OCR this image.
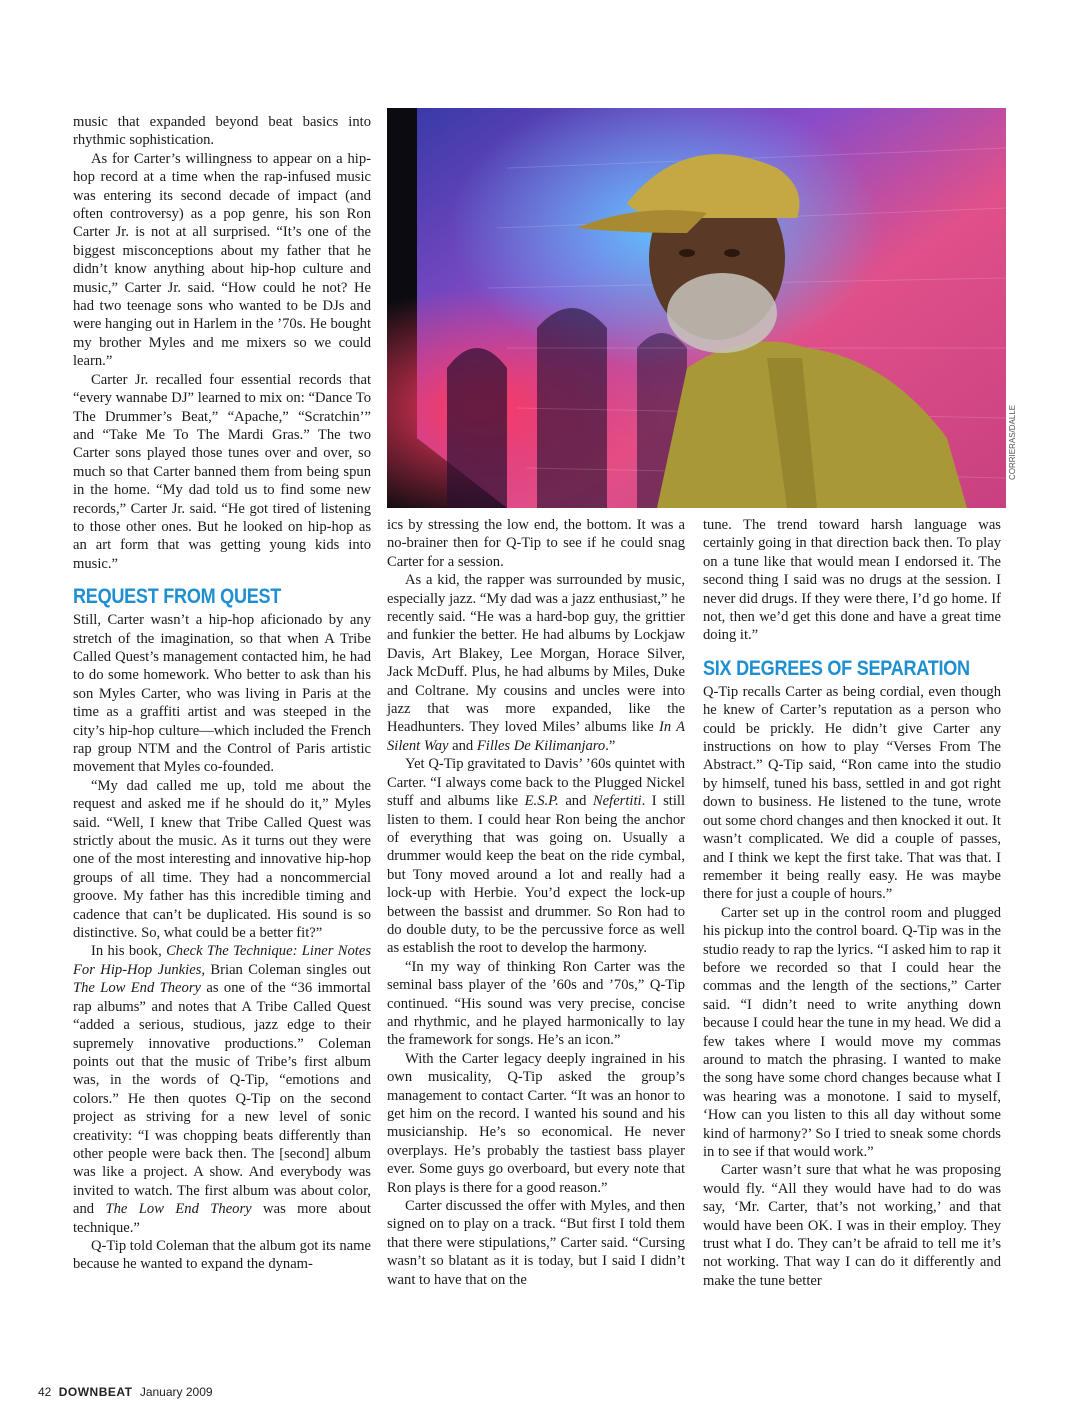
CORRIERAS/DALLE

music that expanded beyond beat basics into rhythmic sophistication.

As for Carter’s willingness to appear on a hip-hop record at a time when the rap-infused music was entering its second decade of impact (and often controversy) as a pop genre, his son Ron Carter Jr. is not at all surprised. “It’s one of the biggest misconceptions about my father that he didn’t know anything about hip-hop culture and music,” Carter Jr. said. “How could he not? He had two teenage sons who wanted to be DJs and were hanging out in Harlem in the ’70s. He bought my brother Myles and me mixers so we could learn.”

Carter Jr. recalled four essential records that “every wannabe DJ” learned to mix on: “Dance To The Drummer’s Beat,” “Apache,” “Scratchin’” and “Take Me To The Mardi Gras.” The two Carter sons played those tunes over and over, so much so that Carter banned them from being spun in the home. “My dad told us to find some new records,” Carter Jr. said. “He got tired of listening to those other ones. But he looked on hip-hop as an art form that was getting young kids into music.”

REQUEST FROM QUEST

Still, Carter wasn’t a hip-hop aficionado by any stretch of the imagination, so that when A Tribe Called Quest’s management contacted him, he had to do some homework. Who better to ask than his son Myles Carter, who was living in Paris at the time as a graffiti artist and was steeped in the city’s hip-hop culture—which included the French rap group NTM and the Control of Paris artistic movement that Myles co-founded.

“My dad called me up, told me about the request and asked me if he should do it,” Myles said. “Well, I knew that Tribe Called Quest was strictly about the music. As it turns out they were one of the most interesting and innovative hip-hop groups of all time. They had a noncommercial groove. My father has this incredible timing and cadence that can’t be duplicated. His sound is so distinctive. So, what could be a better fit?”

In his book, Check The Technique: Liner Notes For Hip-Hop Junkies, Brian Coleman singles out The Low End Theory as one of the “36 immortal rap albums” and notes that A Tribe Called Quest “added a serious, studious, jazz edge to their supremely innovative productions.” Coleman points out that the music of Tribe’s first album was, in the words of Q-Tip, “emotions and colors.” He then quotes Q-Tip on the second project as striving for a new level of sonic creativity: “I was chopping beats differently than other people were back then. The [second] album was like a project. A show. And everybody was invited to watch. The first album was about color, and The Low End Theory was more about technique.”

Q-Tip told Coleman that the album got its name because he wanted to expand the dynam-

ics by stressing the low end, the bottom. It was a no-brainer then for Q-Tip to see if he could snag Carter for a session.

As a kid, the rapper was surrounded by music, especially jazz. “My dad was a jazz enthusiast,” he recently said. “He was a hard-bop guy, the grittier and funkier the better. He had albums by Lockjaw Davis, Art Blakey, Lee Morgan, Horace Silver, Jack McDuff. Plus, he had albums by Miles, Duke and Coltrane. My cousins and uncles were into jazz that was more expanded, like the Headhunters. They loved Miles’ albums like In A Silent Way and Filles De Kilimanjaro.”

Yet Q-Tip gravitated to Davis’ ’60s quintet with Carter. “I always come back to the Plugged Nickel stuff and albums like E.S.P. and Nefertiti. I still listen to them. I could hear Ron being the anchor of everything that was going on. Usually a drummer would keep the beat on the ride cymbal, but Tony moved around a lot and really had a lock-up with Herbie. You’d expect the lock-up between the bassist and drummer. So Ron had to do double duty, to be the percussive force as well as establish the root to develop the harmony.

“In my way of thinking Ron Carter was the seminal bass player of the ’60s and ’70s,” Q-Tip continued. “His sound was very precise, concise and rhythmic, and he played harmonically to lay the framework for songs. He’s an icon.”

With the Carter legacy deeply ingrained in his own musicality, Q-Tip asked the group’s management to contact Carter. “It was an honor to get him on the record. I wanted his sound and his musicianship. He’s so economical. He never overplays. He’s probably the tastiest bass player ever. Some guys go overboard, but every note that Ron plays is there for a good reason.”

Carter discussed the offer with Myles, and then signed on to play on a track. “But first I told them that there were stipulations,” Carter said. “Cursing wasn’t so blatant as it is today, but I said I didn’t want to have that on the

tune. The trend toward harsh language was certainly going in that direction back then. To play on a tune like that would mean I endorsed it. The second thing I said was no drugs at the session. I never did drugs. If they were there, I’d go home. If not, then we’d get this done and have a great time doing it.”

SIX DEGREES OF SEPARATION

Q-Tip recalls Carter as being cordial, even though he knew of Carter’s reputation as a person who could be prickly. He didn’t give Carter any instructions on how to play “Verses From The Abstract.” Q-Tip said, “Ron came into the studio by himself, tuned his bass, settled in and got right down to business. He listened to the tune, wrote out some chord changes and then knocked it out. It wasn’t complicated. We did a couple of passes, and I think we kept the first take. That was that. I remember it being really easy. He was maybe there for just a couple of hours.”

Carter set up in the control room and plugged his pickup into the control board. Q-Tip was in the studio ready to rap the lyrics. “I asked him to rap it before we recorded so that I could hear the commas and the length of the sections,” Carter said. “I didn’t need to write anything down because I could hear the tune in my head. We did a few takes where I would move my commas around to match the phrasing. I wanted to make the song have some chord changes because what I was hearing was a monotone. I said to myself, ‘How can you listen to this all day without some kind of harmony?’ So I tried to sneak some chords in to see if that would work.”

Carter wasn’t sure that what he was proposing would fly. “All they would have had to do was say, ‘Mr. Carter, that’s not working,’ and that would have been OK. I was in their employ. They trust what I do. They can’t be afraid to tell me it’s not working. That way I can do it differently and make the tune better

42 DOWNBEAT January 2009
